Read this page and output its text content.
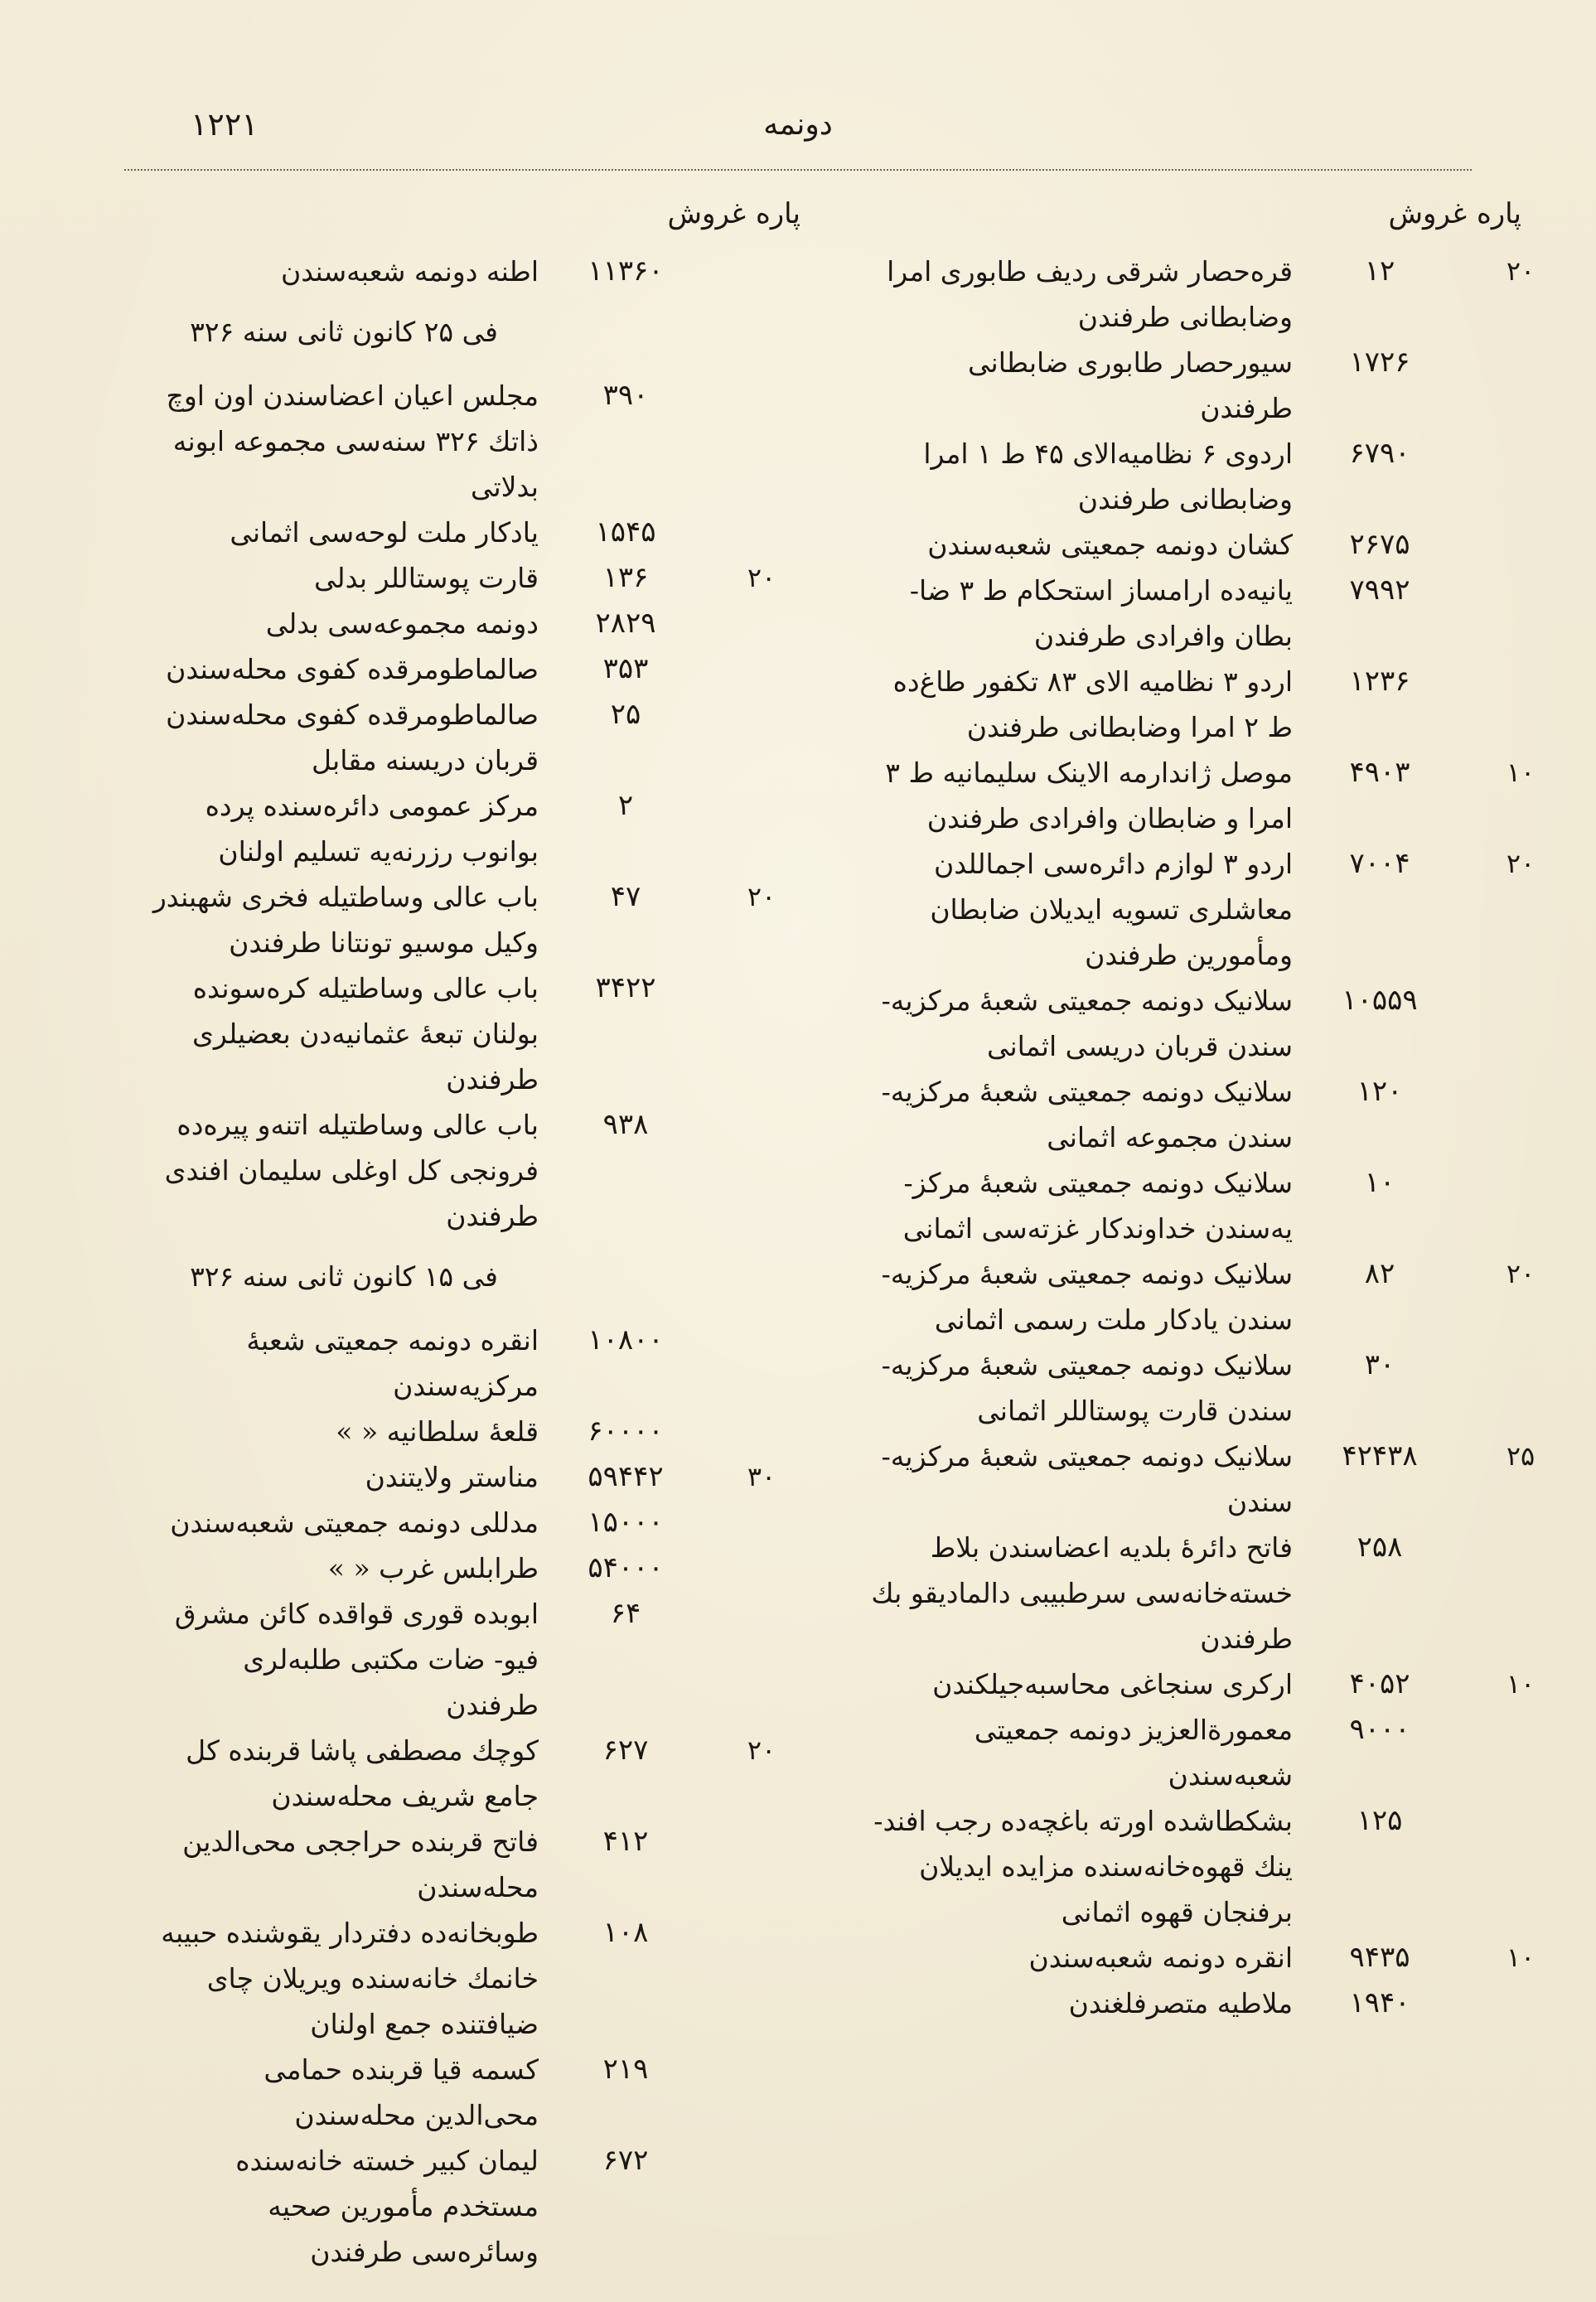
۱۲۲۱	دونمه
پاره
غروش
۲۰
۱۲
قره‌حصار شرقی ردیف طابوری امرا وضابطانی طرفندن
۱۷۲۶
سیورحصار طابوری ضابطانی طرفندن
۶۷۹۰
اردوی ۶ نظامیه‌الای ۴۵ ط ۱ امرا وضابطانی طرفندن
۲۶۷۵
کشان دونمه جمعیتی شعبه‌سندن
۷۹۹۲
یانیه‌ده ارامساز استحکام ط ۳ ضا- بطان وافرادی طرفندن
۱۲۳۶
اردو ۳ نظامیه الای ۸۳ تکفور طاغ‌ده ط ۲ امرا وضابطانی طرفندن
۱۰
۴۹۰۳
موصل ژاندارمه الاینک سلیمانیه ط ۳ امرا و ضابطان وافرادی طرفندن
۲۰
۷۰۰۴
اردو ۳ لوازم دائره‌سی اجماللدن معاشلری تسویه ایدیلان ضابطان ومأمورین طرفندن
۱۰۵۵۹
سلانیک دونمه جمعیتی شعبهٔ مرکزیه- سندن قربان دریسی اثمانی
۱۲۰
سلانیک دونمه جمعیتی شعبهٔ مرکزیه- سندن مجموعه اثمانی
۱۰
سلانیک دونمه جمعیتی شعبهٔ مرکز- یه‌سندن خداوندکار غزته‌سی اثمانی
۲۰
۸۲
سلانیک دونمه جمعیتی شعبهٔ مرکزیه- سندن یادکار ملت رسمی اثمانی
۳۰
سلانیک دونمه جمعیتی شعبهٔ مرکزیه- سندن قارت پوستاللر اثمانی
۲۵
۴۲۴۳۸
سلانیک دونمه جمعیتی شعبهٔ مرکزیه- سندن
۲۵۸
فاتح دائرهٔ بلدیه اعضاسندن بلاط خسته‌خانه‌سی سرطبیبی دالمادیقو بك طرفندن
۱۰
۴۰۵۲
ارکری سنجاغی محاسبه‌جیلکندن
۹۰۰۰
معمورة‌العزیز دونمه جمعیتی شعبه‌سندن
۱۲۵
بشکطاشده اورته باغچه‌ده رجب افند- ینك قهوه‌خانه‌سنده مزایده ایدیلان برفنجان قهوه اثمانی
۱۰
۹۴۳۵
انقره دونمه شعبه‌سندن
۱۹۴۰
ملاطیه متصرفلغندن
پاره
غروش
۱۱۳۶۰
اطنه دونمه شعبه‌سندن
فی ۲۵ کانون ثانی سنه ۳۲۶
۳۹۰
مجلس اعیان اعضاسندن اون اوچ ذاتك ۳۲۶ سنه‌سی مجموعه ابونه بدلاتی
۱۵۴۵
یادکار ملت لوحه‌سی اثمانی
۲۰
۱۳۶
قارت پوستاللر بدلی
۲۸۲۹
دونمه مجموعه‌سی بدلی
۳۵۳
صالماطومرقده کفوی محله‌سندن
۲۵
صالماطومرقده کفوی محله‌سندن قربان دریسنه مقابل
۲
مرکز عمومی دائره‌سنده پرده بوانوب رزرنه‌یه تسلیم اولنان
۲۰
۴۷
باب عالی وساطتیله فخری شهبندر وکیل موسیو تونتانا طرفندن
۳۴۲۲
باب عالی وساطتیله کره‌سونده بولنان تبعهٔ عثمانیه‌دن بعضیلری طرفندن
۹۳۸
باب عالی وساطتیله اتنه‌و پیره‌ده فرونجی کل اوغلی سلیمان افندی طرفندن
فی ۱۵ کانون ثانی سنه ۳۲۶
۱۰۸۰۰
انقره دونمه جمعیتی شعبهٔ مرکزیه‌سندن
۶۰۰۰۰
قلعهٔ سلطانیه « »
۳۰
۵۹۴۴۲
مناستر ولایتندن
۱۵۰۰۰
مدللی دونمه جمعیتی شعبه‌سندن
۵۴۰۰۰
طرابلس غرب « »
۶۴
ابوبده قوری قواقده کائن مشرق فیو- ضات مکتبی طلبه‌لری طرفندن
۲۰
۶۲۷
کوچك مصطفی پاشا قربنده کل جامع شریف محله‌سندن
۴۱۲
فاتح قربنده حراججی محی‌الدین محله‌سندن
۱۰۸
طوبخانه‌ده دفتردار یقوشنده حبیبه خانمك خانه‌سنده ویریلان چای ضیافتنده جمع اولنان
۲۱۹
کسمه قیا قربنده حمامی محی‌الدین محله‌سندن
۶۷۲
لیمان کبیر خسته خانه‌سنده مستخدم مأمورین صحیه وسائره‌سی طرفندن
